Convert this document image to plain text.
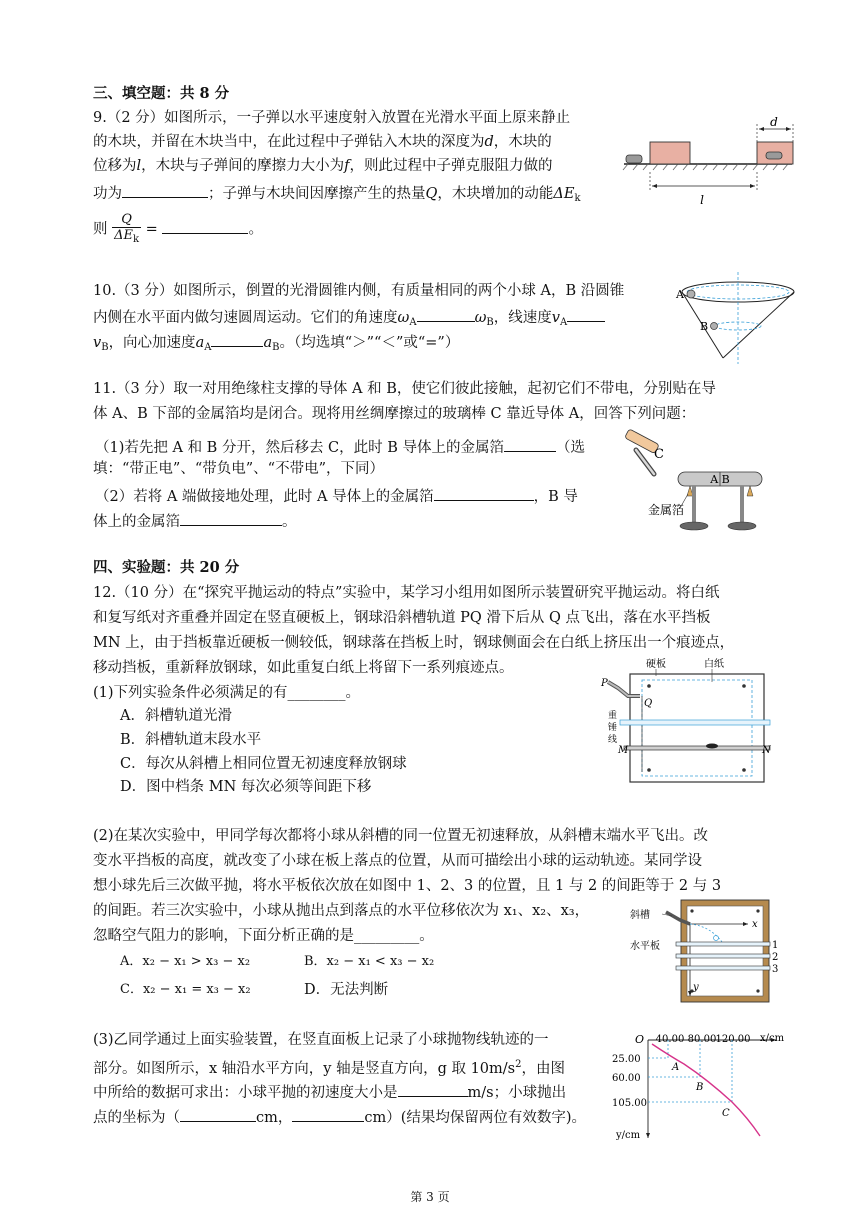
三、填空题：共 8 分
9.（2 分）如图所示，一子弹以水平速度射入放置在光滑水平面上原来静止
的木块，并留在木块当中，在此过程中子弹钻入木块的深度为d，木块的
位移为l，木块与子弹间的摩擦力大小为f，则此过程中子弹克服阻力做的
功为	；子弹与木块间因摩擦产生的热量Q，木块增加的动能$\Delta E_k$
则
Q
$\Delta E_k$
=	。
d
l
10.（3 分）如图所示，倒置的光滑圆锥内侧，有质量相同的两个小球 A，B 沿圆锥
内侧在水平面内做匀速圆周运动。它们的角速度$\omega_A$	$\omega_B$，线速度$v_A$
$v_B$，向心加速度$a_A$	$a_B$。（均选填“＞”“＜”或“=”）
A
B
11.（3 分）取一对用绝缘柱支撑的导体 A 和 B，使它们彼此接触，起初它们不带电，分别贴在导
体 A、B 下部的金属箔均是闭合。现将用丝绸摩擦过的玻璃棒 C 靠近导体 A，回答下列问题：
（1)若先把 A 和 B 分开，然后移去 C，此时 B 导体上的金属箔	（选
填：“带正电”、“带负电”、“不带电”，下同）
（2）若将 A 端做接地处理，此时 A 导体上的金属箔	，B 导
体上的金属箔	。
C
A B
金属箔
四、实验题：共 20 分
12.（10 分）在“探究平抛运动的特点”实验中，某学习小组用如图所示装置研究平抛运动。将白纸
和复写纸对齐重叠并固定在竖直硬板上，钢球沿斜槽轨道 PQ 滑下后从 Q 点飞出，落在水平挡板
MN 上，由于挡板靠近硬板一侧较低，钢球落在挡板上时，钢球侧面会在白纸上挤压出一个痕迹点，
移动挡板，重新释放钢球，如此重复白纸上将留下一系列痕迹点。
(1)下列实验条件必须满足的有________。
A．斜槽轨道光滑
B．斜槽轨道末段水平
C．每次从斜槽上相同位置无初速度释放钢球
D．图中档条 MN 每次必须等间距下移
硬板	白纸
P
Q
重
锤
线
M	N
(2)在某次实验中，甲同学每次都将小球从斜槽的同一位置无初速释放，从斜槽末端水平飞出。改
变水平挡板的高度，就改变了小球在板上落点的位置，从而可描绘出小球的运动轨迹。某同学设
想小球先后三次做平抛，将水平板依次放在如图中 1、2、3 的位置，且 1 与 2 的间距等于 2 与 3
的间距。若三次实验中，小球从抛出点到落点的水平位移依次为 x₁、x₂、x₃，
忽略空气阻力的影响，下面分析正确的是_________。
A．x₂ − x₁ > x₃ − x₂	B．x₂ − x₁ < x₃ − x₂
C．x₂ − x₁ = x₃ − x₂	D．无法判断
斜槽
x
y
水平板	1
2
3
(3)乙同学通过上面实验装置，在竖直面板上记录了小球抛物线轨迹的一
部分。如图所示，x 轴沿水平方向，y 轴是竖直方向，g 取 $10m/s^2$，由图
中所给的数据可求出：小球平抛的初速度大小是	m/s；小球抛出
点的坐标为（	cm，	cm）(结果均保留两位有效数字)。
O	x/cm
y/cm
40.00 80.00 120.00
25.00
60.00
105.00
A
B
C
第 3 页
